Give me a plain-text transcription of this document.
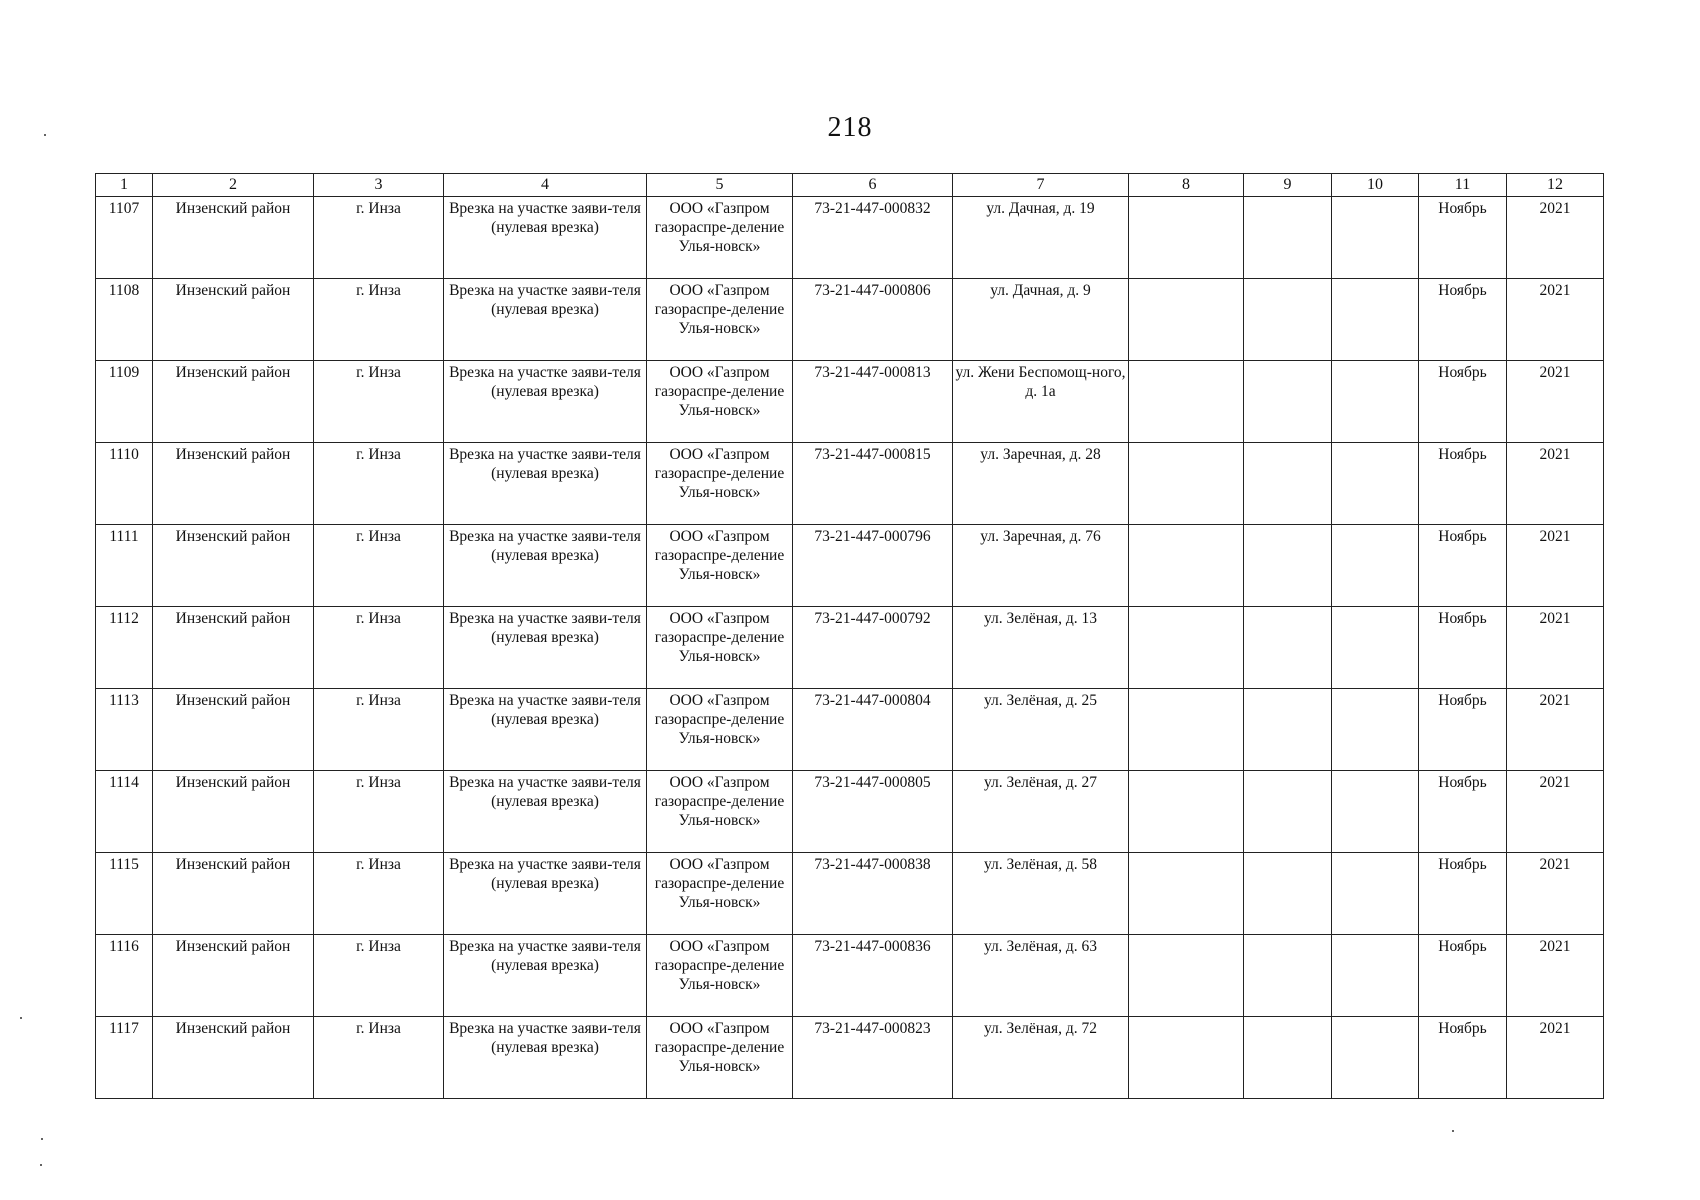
218
1	2	3	4	5	6	7	8	9	10	11	12
1107	Инзенский район	г. Инза	Врезка на участке заяви-теля (нулевая врезка)	ООО «Газпром газораспре-деление Улья-новск»	73-21-447-000832	ул. Дачная, д. 19				Ноябрь	2021
1108	Инзенский район	г. Инза	Врезка на участке заяви-теля (нулевая врезка)	ООО «Газпром газораспре-деление Улья-новск»	73-21-447-000806	ул. Дачная, д. 9				Ноябрь	2021
1109	Инзенский район	г. Инза	Врезка на участке заяви-теля (нулевая врезка)	ООО «Газпром газораспре-деление Улья-новск»	73-21-447-000813	ул. Жени Беспомощ-ного, д. 1а				Ноябрь	2021
1110	Инзенский район	г. Инза	Врезка на участке заяви-теля (нулевая врезка)	ООО «Газпром газораспре-деление Улья-новск»	73-21-447-000815	ул. Заречная, д. 28				Ноябрь	2021
1111	Инзенский район	г. Инза	Врезка на участке заяви-теля (нулевая врезка)	ООО «Газпром газораспре-деление Улья-новск»	73-21-447-000796	ул. Заречная, д. 76				Ноябрь	2021
1112	Инзенский район	г. Инза	Врезка на участке заяви-теля (нулевая врезка)	ООО «Газпром газораспре-деление Улья-новск»	73-21-447-000792	ул. Зелёная, д. 13				Ноябрь	2021
1113	Инзенский район	г. Инза	Врезка на участке заяви-теля (нулевая врезка)	ООО «Газпром газораспре-деление Улья-новск»	73-21-447-000804	ул. Зелёная, д. 25				Ноябрь	2021
1114	Инзенский район	г. Инза	Врезка на участке заяви-теля (нулевая врезка)	ООО «Газпром газораспре-деление Улья-новск»	73-21-447-000805	ул. Зелёная, д. 27				Ноябрь	2021
1115	Инзенский район	г. Инза	Врезка на участке заяви-теля (нулевая врезка)	ООО «Газпром газораспре-деление Улья-новск»	73-21-447-000838	ул. Зелёная, д. 58				Ноябрь	2021
1116	Инзенский район	г. Инза	Врезка на участке заяви-теля (нулевая врезка)	ООО «Газпром газораспре-деление Улья-новск»	73-21-447-000836	ул. Зелёная, д. 63				Ноябрь	2021
1117	Инзенский район	г. Инза	Врезка на участке заяви-теля (нулевая врезка)	ООО «Газпром газораспре-деление Улья-новск»	73-21-447-000823	ул. Зелёная, д. 72				Ноябрь	2021
